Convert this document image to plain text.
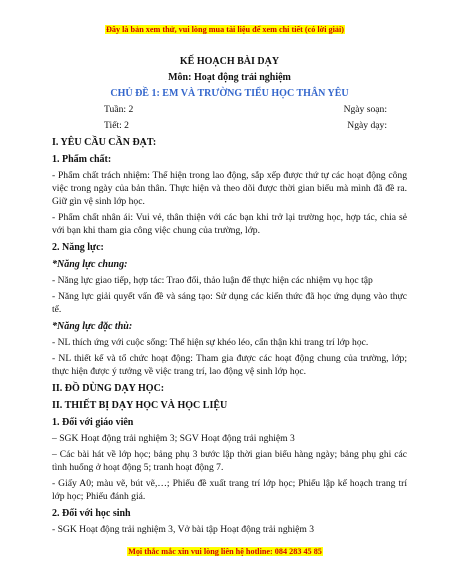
Đây là bản xem thử, vui lòng mua tài liệu để xem chi tiết (có lời giải)
KẾ HOẠCH BÀI DẠY
Môn: Hoạt động trải nghiệm
CHỦ ĐỀ 1: EM VÀ TRƯỜNG TIỂU HỌC THÂN YÊU
Tuần: 2	Ngày soạn:
Tiết: 2	Ngày dạy:
I. YÊU CẦU CẦN ĐẠT:
1. Phẩm chất:

- Phẩm chất trách nhiệm: Thể hiện trong lao động, sắp xếp được thứ tự các hoạt động công việc trong ngày của bản thân. Thực hiện và theo dõi được thời gian biểu mà mình đã đề ra. Giữ gìn vệ sinh lớp học.

- Phẩm chất nhân ái: Vui vẻ, thân thiện với các bạn khi trở lại trường học, hợp tác, chia sẻ với bạn khi tham gia công việc chung của trường, lớp.

2. Năng lực:
*Năng lực chung:

- Năng lực giao tiếp, hợp tác: Trao đổi, thảo luận để thực hiện các nhiệm vụ học tập

- Năng lực giải quyết vấn đề và sáng tạo: Sử dụng các kiến thức đã học ứng dụng vào thực tế.

*Năng lực đặc thù:

- NL thích ứng với cuộc sống: Thể hiện sự khéo léo, cẩn thận khi trang trí lớp học.

- NL thiết kế và tổ chức hoạt động: Tham gia được các hoạt động chung của trường, lớp; thực hiện được ý tưởng về việc trang trí, lao động vệ sinh lớp học.

II. ĐỒ DÙNG DẠY HỌC:
II. THIẾT BỊ DẠY HỌC VÀ HỌC LIỆU
1. Đối với giáo viên

– SGK Hoạt động trải nghiệm 3; SGV Hoạt động trải nghiệm 3

– Các bài hát về lớp học; bảng phụ 3 bước lập thời gian biểu hàng ngày; bảng phụ ghi các tình huống ở hoạt động 5; tranh hoạt động 7.

- Giấy A0; màu vẽ, bút vẽ,…; Phiếu đề xuất trang trí lớp học; Phiếu lập kế hoạch trang trí lớp học; Phiếu đánh giá.

2. Đối với học sinh

- SGK Hoạt động trải nghiệm 3, Vở bài tập Hoạt động trải nghiệm 3

Mọi thắc mắc xin vui lòng liên hệ hotline: 084 283 45 85
